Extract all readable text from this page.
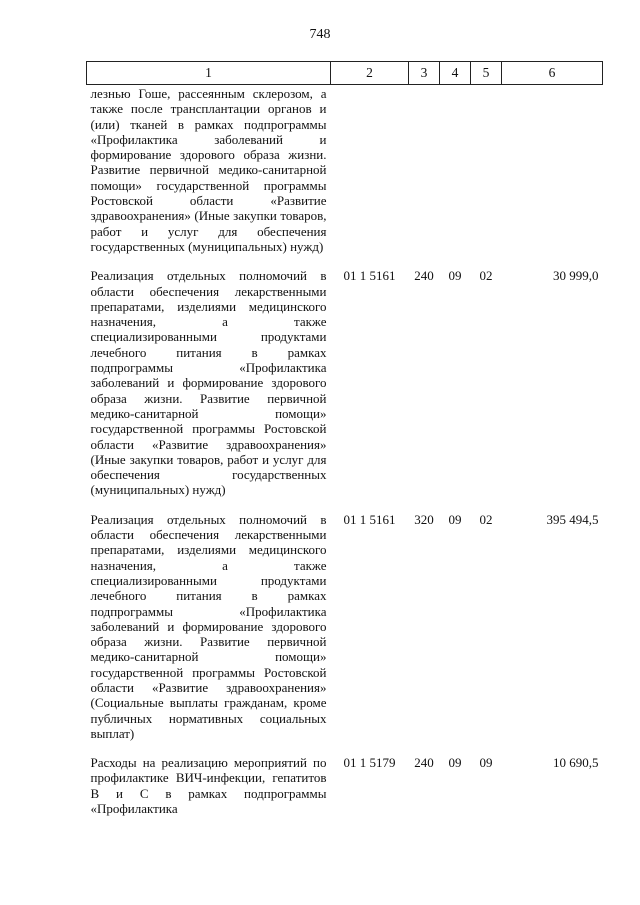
748
1	2	3	4	5	6
лезнью Гоше, рассеянным склерозом, а также после трансплантации органов и (или) тканей в рамках подпрограммы «Профилактика заболеваний и формирование здорового образа жизни. Развитие первичной медико-санитарной помощи» государственной программы Ростовской области «Развитие здравоохранения» (Иные закупки товаров, работ и услуг для обеспечения государственных (муниципальных) нужд)					

Реализация отдельных полномочий в области обеспечения лекарственными препаратами, изделиями медицинского назначения, а также специализированными продуктами лечебного питания в рамках подпрограммы «Профилактика заболеваний и формирование здорового образа жизни. Развитие первичной медико-санитарной помощи» государственной программы Ростовской области «Развитие здравоохранения» (Иные закупки товаров, работ и услуг для обеспечения государственных (муниципальных) нужд)	01 1 5161	240	09	02	30 999,0

Реализация отдельных полномочий в области обеспечения лекарственными препаратами, изделиями медицинского назначения, а также специализированными продуктами лечебного питания в рамках подпрограммы «Профилактика заболеваний и формирование здорового образа жизни. Развитие первичной медико-санитарной помощи» государственной программы Ростовской области «Развитие здравоохранения» (Социальные выплаты гражданам, кроме публичных нормативных социальных выплат)	01 1 5161	320	09	02	395 494,5

Расходы на реализацию мероприятий по профилактике ВИЧ-инфекции, гепатитов В и С в рамках подпрограммы «Профилактика	01 1 5179	240	09	09	10 690,5
